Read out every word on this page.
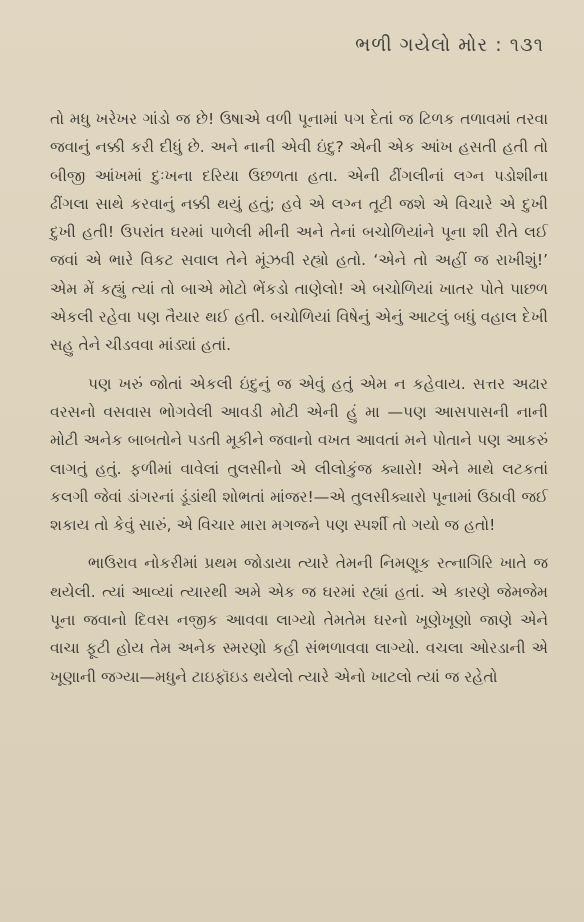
ભળી ગયેલો મોર : ૧૩૧

તો મધુ ખરેખર ગાંડો જ છે! ઉષાએ વળી પૂનામાં પગ દેતાં જ ટિળક તળાવમાં તરવા જવાનું નક્કી કરી દીધું છે. અને નાની એવી ઇંદુ? એની એક આંખ હસતી હતી તો બીજી આંખમાં દુઃખના દરિયા ઉછળતા હતા. એની ઢીંગલીનાં લગ્ન પડોશીના ઢીંગલા સાથે કરવાનું નક્કી થયું હતું; હવે એ લગ્ન તૂટી જશે એ વિચારે એ દુખી દુખી હતી! ઉપરાંત ઘરમાં પાળેલી મીની અને તેનાં બચોળિયાંને પૂના શી રીતે લઈ જવાં એ ભારે વિકટ સવાલ તેને મૂંઝવી રહ્યો હતો. ‘એને તો અહીં જ રાખીશું!’ એમ મેં કહ્યું ત્યાં તો બાએ મોટો ભેંકડો તાણેલો! એ બચોળિયાં ખાતર પોતે પાછળ એકલી રહેવા પણ તૈયાર થઈ હતી. બચોળિયાં વિષેનું એનું આટલું બધું વહાલ દેખી સહુ તેને ચીડવવા માંડ્યાં હતાં.

પણ ખરું જોતાં એકલી ઇંદુનું જ એવું હતું એમ ન કહેવાય. સત્તર અઢાર વરસનો વસવાસ ભોગવેલી આવડી મોટી એની હું મા —પણ આસપાસની નાની મોટી અનેક બાબતોને પડતી મૂકીને જવાનો વખત આવતાં મને પોતાને પણ આકરું લાગતું હતું. ફળીમાં વાવેલાં તુલસીનો એ લીલોકુંજ ક્યારો! એને માથે લટકતાં કલગી જેવાં ડાંગરનાં ડૂંડાંથી શોભતાં માંજર!—એ તુલસીક્યારો પૂનામાં ઉઠાવી જઈ શકાય તો કેવું સારું, એ વિચાર મારા મગજને પણ સ્પર્શી તો ગયો જ હતો!

ભાઉરાવ નોકરીમાં પ્રથમ જોડાયા ત્યારે તેમની નિમણૂક રત્નાગિરિ ખાતે જ થયેલી. ત્યાં આવ્યાં ત્યારથી અમે એક જ ઘરમાં રહ્યાં હતાં. એ કારણે જેમજેમ પૂના જવાનો દિવસ નજીક આવવા લાગ્યો તેમતેમ ઘરનો ખૂણેખૂણો જાણે એને વાચા ફૂટી હોય તેમ અનેક સ્મરણો કહી સંભળાવવા લાગ્યો. વચલા ઓરડાની એ ખૂણાની જગ્યા—મધુને ટાઇફૉઇડ થયેલો ત્યારે એનો ખાટલો ત્યાં જ રહેતો
